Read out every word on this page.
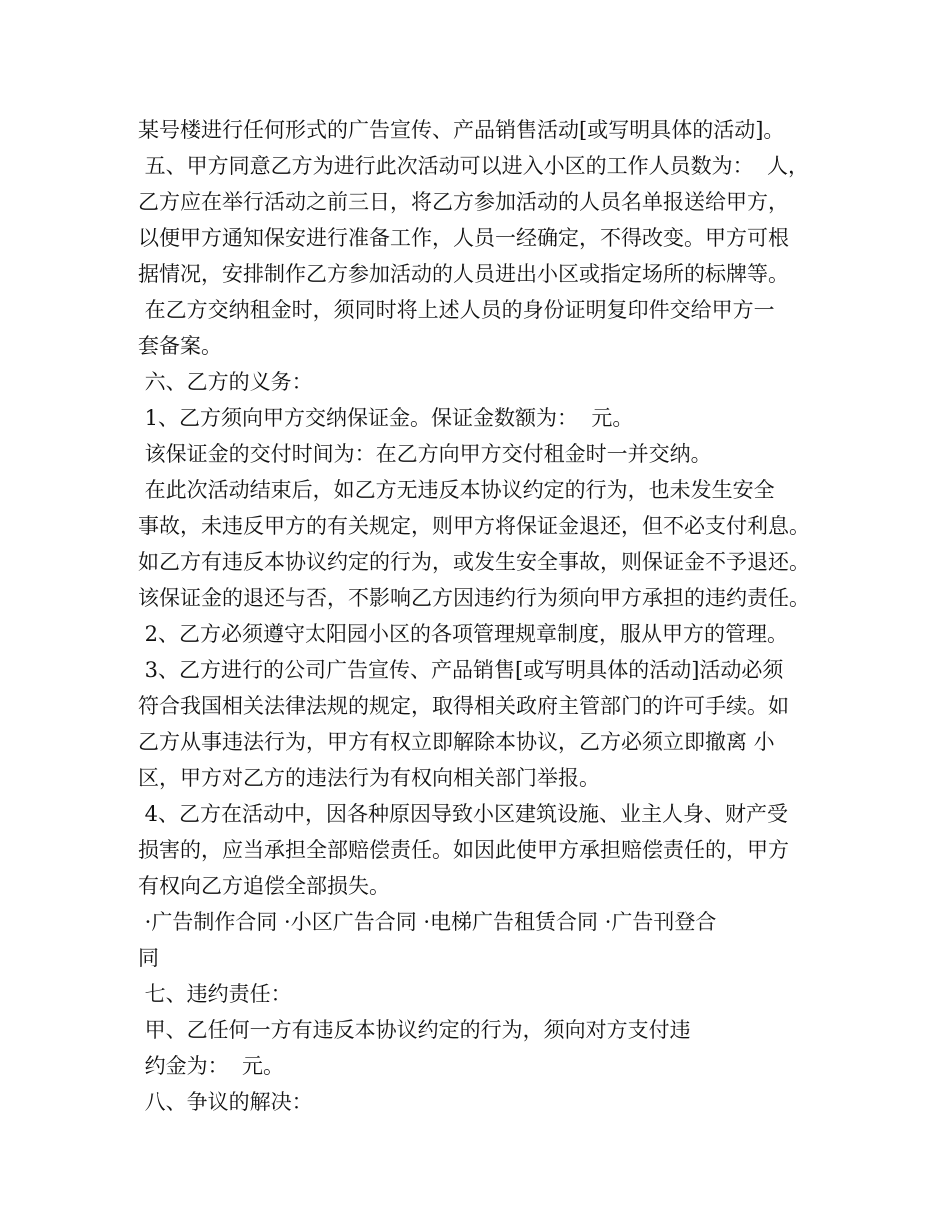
某号楼进行任何形式的广告宣传、产品销售活动[或写明具体的活动]。
五、甲方同意乙方为进行此次活动可以进入小区的工作人员数为：  人，
乙方应在举行活动之前三日，将乙方参加活动的人员名单报送给甲方，
以便甲方通知保安进行准备工作，人员一经确定，不得改变。甲方可根
据情况，安排制作乙方参加活动的人员进出小区或指定场所的标牌等。
在乙方交纳租金时，须同时将上述人员的身份证明复印件交给甲方一
套备案。
六、乙方的义务：
1、乙方须向甲方交纳保证金。保证金数额为：  元。
该保证金的交付时间为：在乙方向甲方交付租金时一并交纳。
在此次活动结束后，如乙方无违反本协议约定的行为，也未发生安全
事故，未违反甲方的有关规定，则甲方将保证金退还，但不必支付利息。
如乙方有违反本协议约定的行为，或发生安全事故，则保证金不予退还。
该保证金的退还与否，不影响乙方因违约行为须向甲方承担的违约责任。
2、乙方必须遵守太阳园小区的各项管理规章制度，服从甲方的管理。
3、乙方进行的公司广告宣传、产品销售[或写明具体的活动]活动必须
符合我国相关法律法规的规定，取得相关政府主管部门的许可手续。如
乙方从事违法行为，甲方有权立即解除本协议，乙方必须立即撤离 小
区，甲方对乙方的违法行为有权向相关部门举报。
4、乙方在活动中，因各种原因导致小区建筑设施、业主人身、财产受
损害的，应当承担全部赔偿责任。如因此使甲方承担赔偿责任的，甲方
有权向乙方追偿全部损失。
·广告制作合同 ·小区广告合同 ·电梯广告租赁合同 ·广告刊登合
同
七、违约责任：
甲、乙任何一方有违反本协议约定的行为，须向对方支付违
约金为：  元。
八、争议的解决：
